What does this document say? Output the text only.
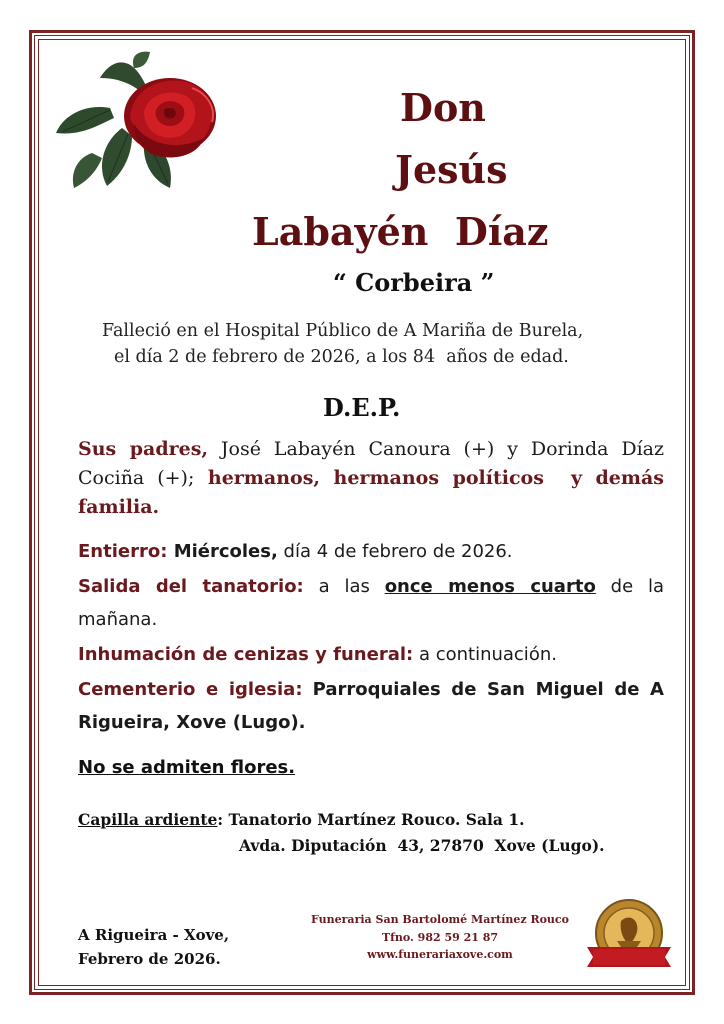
Don
Jesús
Labayén  Díaz
“ Corbeira ”
Falleció en el Hospital Público de A Mariña de Burela,
el día 2 de febrero de 2026, a los 84  años de edad.
D.E.P.
Sus padres, José Labayén Canoura (+) y Dorinda Díaz
Cociña (+); hermanos, hermanos políticos  y demás
familia.
Entierro: Miércoles, día 4 de febrero de 2026.
Salida del tanatorio: a las once menos cuarto de la
mañana.
Inhumación de cenizas y funeral: a continuación.
Cementerio e iglesia: Parroquiales de San Miguel de A
Rigueira, Xove (Lugo).
No se admiten flores.
Capilla ardiente: Tanatorio Martínez Rouco. Sala 1.
Avda. Diputación  43, 27870  Xove (Lugo).
A Rigueira - Xove,
Febrero de 2026.
Funeraria San Bartolomé Martínez Rouco
Tfno. 982 59 21 87
www.funerariaxove.com
